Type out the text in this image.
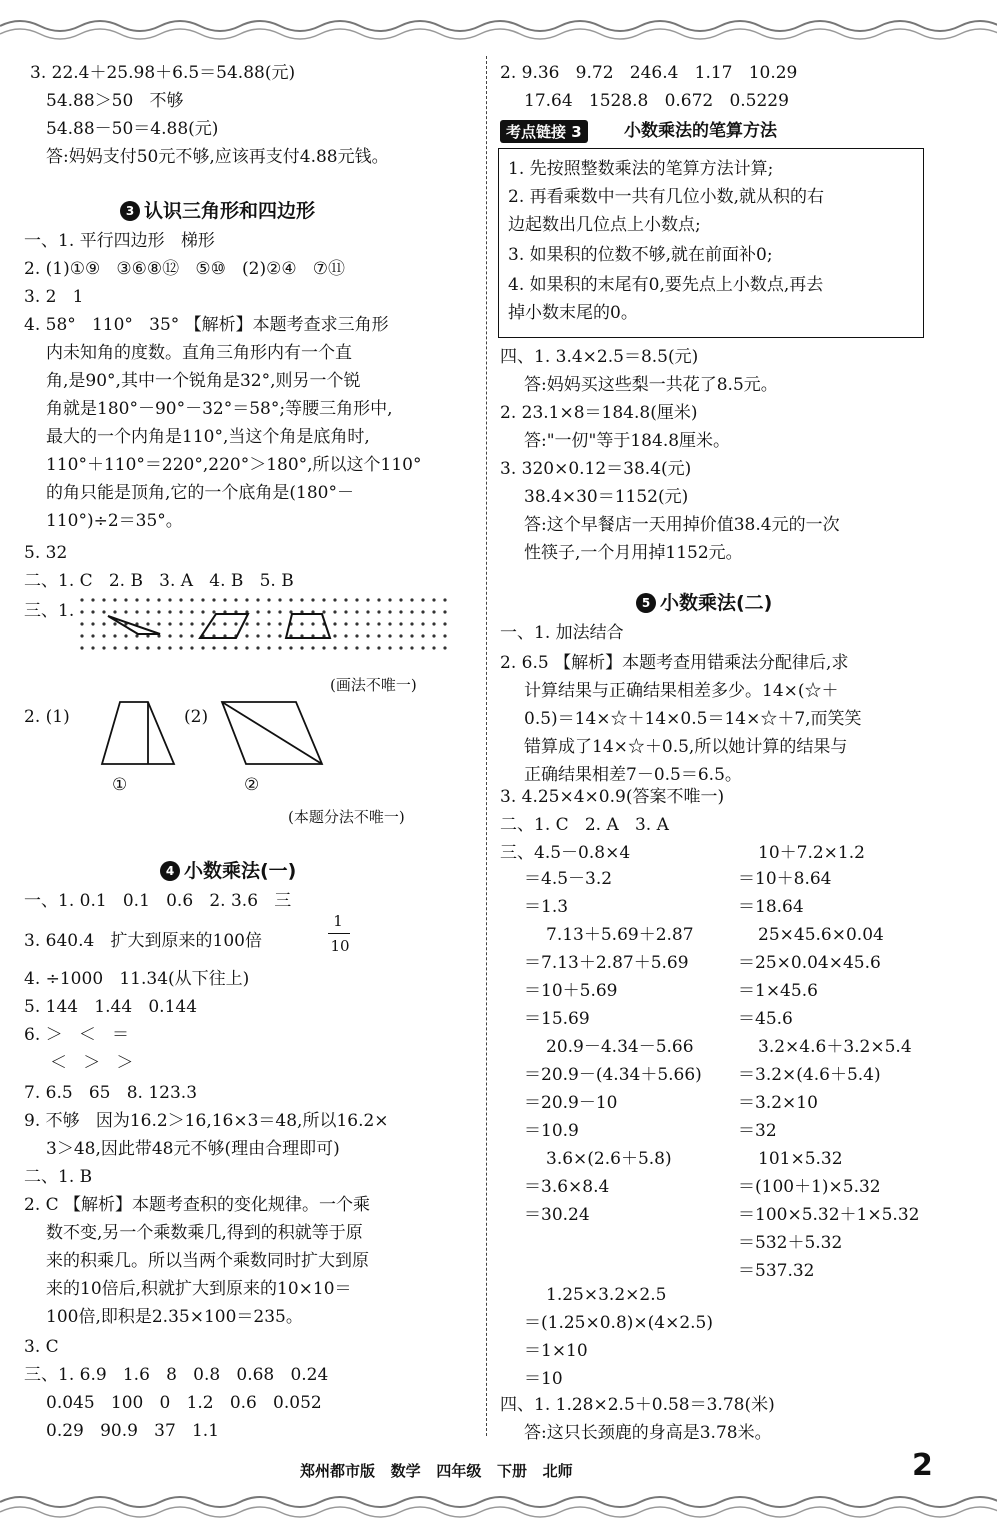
3. 22.4＋25.98＋6.5＝54.88(元)
54.88＞50   不够
54.88－50＝4.88(元)
答:妈妈支付50元不够,应该再支付4.88元钱。
3 认识三角形和四边形
一、1. 平行四边形   梯形
2. (1)①⑨   ③⑥⑧⑫   ⑤⑩   (2)②④   ⑦⑪
3. 2   1
4. 58°   110°   35° 【解析】本题考查求三角形
内未知角的度数。直角三角形内有一个直
角,是90°,其中一个锐角是32°,则另一个锐
角就是180°－90°－32°＝58°;等腰三角形中,
最大的一个内角是110°,当这个角是底角时,
110°＋110°＝220°,220°＞180°,所以这个110°
的角只能是顶角,它的一个底角是(180°－
110°)÷2＝35°。
5. 32
二、1. C   2. B   3. A   4. B   5. B
三、1.
(画法不唯一)
2. (1)	(2)
①	②
(本题分法不唯一)
4 小数乘法(一)
一、1. 0.1   0.1   0.6   2. 3.6   三
3. 640.4   扩大到原来的100倍
1
10
4. ÷1000   11.34(从下往上)
5. 144   1.44   0.144
6. ＞   ＜   ＝
＜   ＞   ＞
7. 6.5   65   8. 123.3
9. 不够   因为16.2＞16,16×3＝48,所以16.2×
3＞48,因此带48元不够(理由合理即可)
二、1. B
2. C 【解析】本题考查积的变化规律。一个乘
数不变,另一个乘数乘几,得到的积就等于原
来的积乘几。所以当两个乘数同时扩大到原
来的10倍后,积就扩大到原来的10×10＝
100倍,即积是2.35×100＝235。
3. C
三、1. 6.9   1.6   8   0.8   0.68   0.24
0.045   100   0   1.2   0.6   0.052
0.29   90.9   37   1.1
2. 9.36   9.72   246.4   1.17   10.29
17.64   1528.8   0.672   0.5229
考点链接 3	小数乘法的笔算方法
1. 先按照整数乘法的笔算方法计算;
2. 再看乘数中一共有几位小数,就从积的右
边起数出几位点上小数点;
3. 如果积的位数不够,就在前面补0;
4. 如果积的末尾有0,要先点上小数点,再去
掉小数末尾的0。
四、1. 3.4×2.5＝8.5(元)
答:妈妈买这些梨一共花了8.5元。
2. 23.1×8＝184.8(厘米)
答:"一仞"等于184.8厘米。
3. 320×0.12＝38.4(元)
38.4×30＝1152(元)
答:这个早餐店一天用掉价值38.4元的一次
性筷子,一个月用掉1152元。
5 小数乘法(二)
一、1. 加法结合
2. 6.5 【解析】本题考查用错乘法分配律后,求
计算结果与正确结果相差多少。14×(☆＋
0.5)＝14×☆＋14×0.5＝14×☆＋7,而笑笑
错算成了14×☆＋0.5,所以她计算的结果与
正确结果相差7－0.5＝6.5。
3. 4.25×4×0.9(答案不唯一)
二、1. C   2. A   3. A
三、4.5－0.8×4
＝4.5－3.2
＝1.3
7.13＋5.69＋2.87
＝7.13＋2.87＋5.69
＝10＋5.69
＝15.69
20.9－4.34－5.66
＝20.9－(4.34＋5.66)
＝20.9－10
＝10.9
3.6×(2.6＋5.8)
＝3.6×8.4
＝30.24
10＋7.2×1.2
＝10＋8.64
＝18.64
25×45.6×0.04
＝25×0.04×45.6
＝1×45.6
＝45.6
3.2×4.6＋3.2×5.4
＝3.2×(4.6＋5.4)
＝3.2×10
＝32
101×5.32
＝(100＋1)×5.32
＝100×5.32＋1×5.32
＝532＋5.32
＝537.32
1.25×3.2×2.5
＝(1.25×0.8)×(4×2.5)
＝1×10
＝10
四、1. 1.28×2.5＋0.58＝3.78(米)
答:这只长颈鹿的身高是3.78米。
郑州都市版   数学   四年级   下册   北师	2
